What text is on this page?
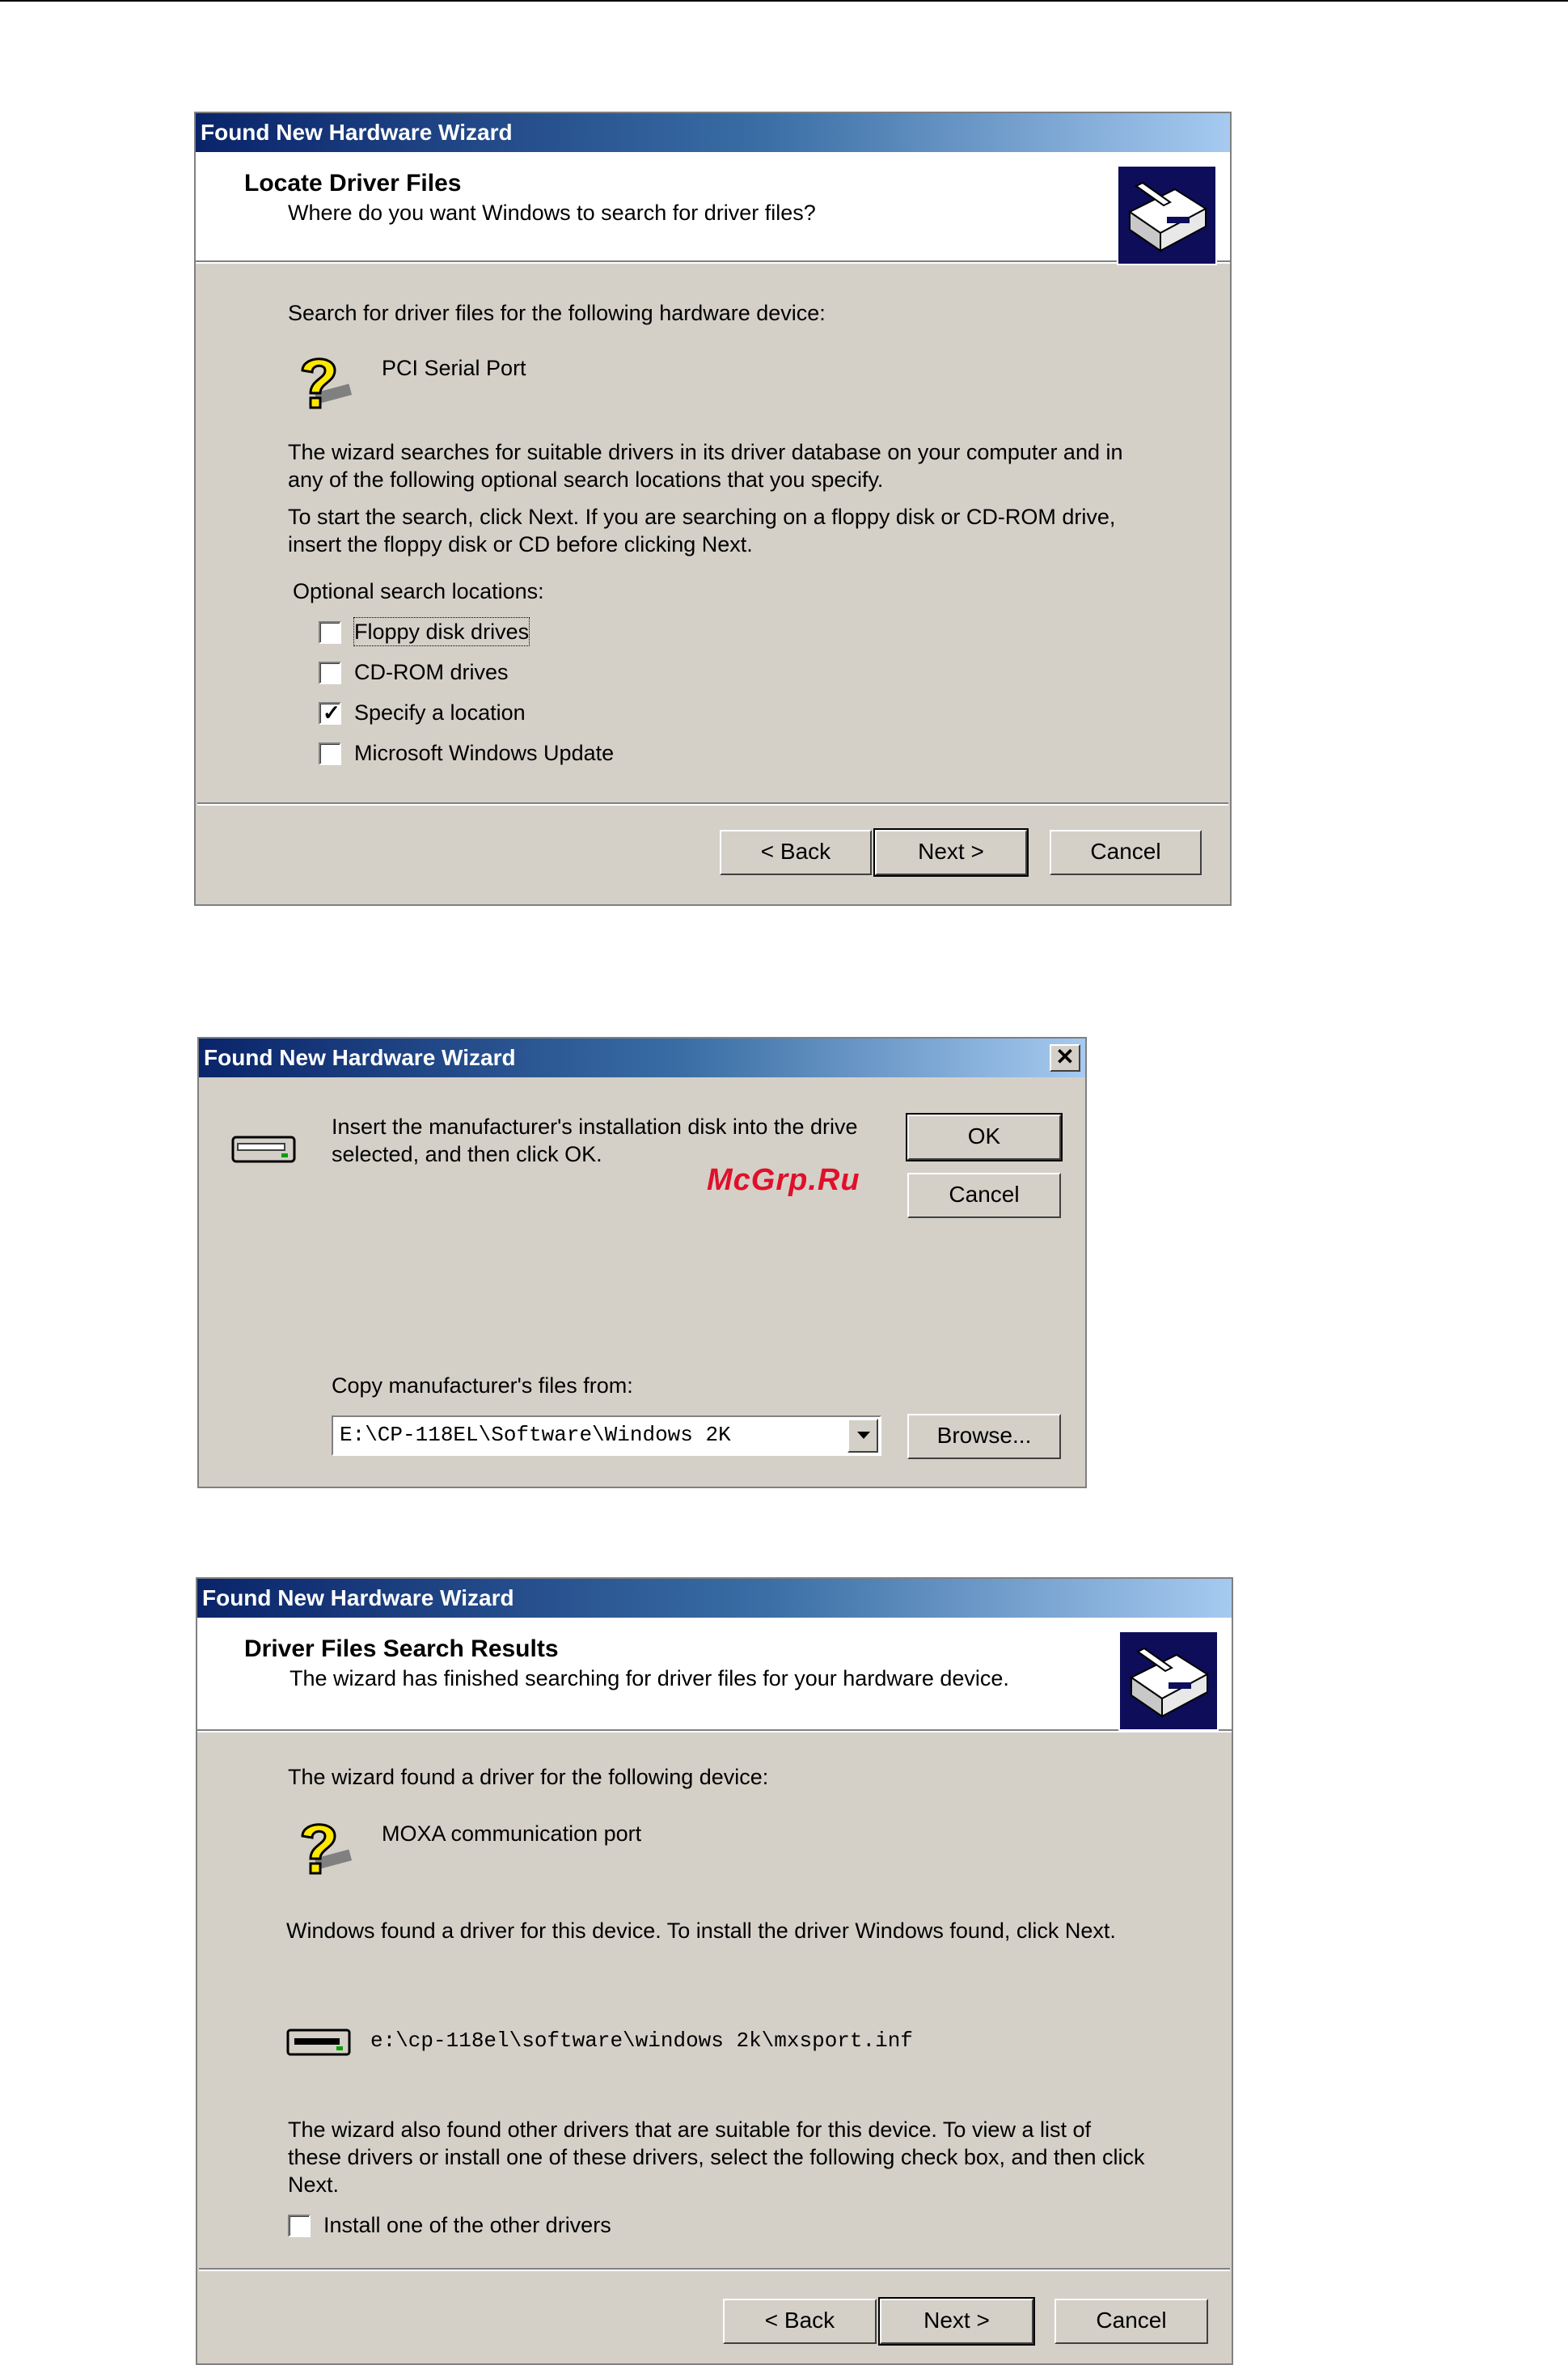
Found New Hardware Wizard
Locate Driver Files
Where do you want Windows to search for driver files?
Search for driver files for the following hardware device:
PCI Serial Port
The wizard searches for suitable drivers in its driver database on your computer and in
any of the following optional search locations that you specify.
To start the search, click Next. If you are searching on a floppy disk or CD-ROM drive,
insert the floppy disk or CD before clicking Next.
Optional search locations:
Floppy disk drives
CD-ROM drives
✓ Specify a location
Microsoft Windows Update
< Back	Next >	Cancel
Found New Hardware Wizard	✕
Insert the manufacturer's installation disk into the drive
selected, and then click OK.
OK
Cancel
Copy manufacturer's files from:
E:\CP-118EL\Software\Windows 2K	Browse...
McGrp.Ru
Found New Hardware Wizard
Driver Files Search Results
The wizard has finished searching for driver files for your hardware device.
The wizard found a driver for the following device:
MOXA communication port
Windows found a driver for this device. To install the driver Windows found, click Next.
e:\cp-118el\software\windows 2k\mxsport.inf
The wizard also found other drivers that are suitable for this device. To view a list of
these drivers or install one of these drivers, select the following check box, and then click
Next.
Install one of the other drivers
< Back	Next >	Cancel
